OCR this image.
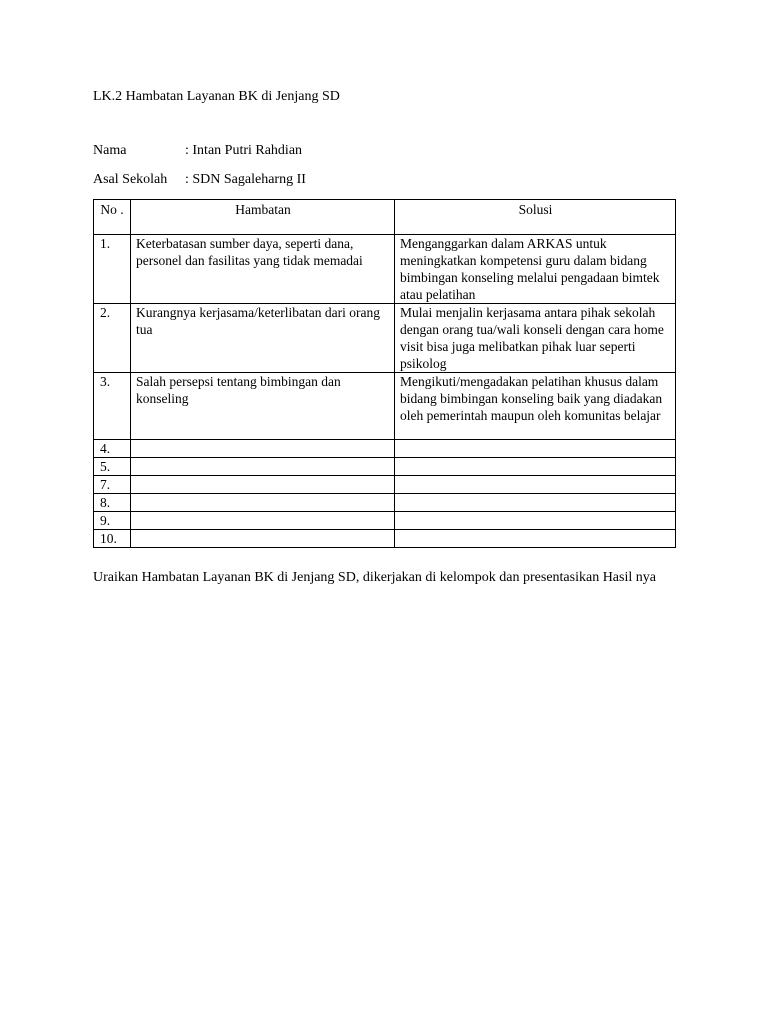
LK.2 Hambatan Layanan BK di Jenjang SD
Nama	: Intan Putri Rahdian
Asal Sekolah : SDN Sagaleharng II
No .	Hambatan	Solusi
1.	Keterbatasan sumber daya, seperti dana, personel dan fasilitas yang tidak memadai	Menganggarkan dalam ARKAS untuk meningkatkan kompetensi guru dalam bidang bimbingan konseling melalui pengadaan bimtek atau pelatihan
2.	Kurangnya kerjasama/keterlibatan dari orang tua	Mulai menjalin kerjasama antara pihak sekolah dengan orang tua/wali konseli dengan cara home visit bisa juga melibatkan pihak luar seperti psikolog
3.	Salah persepsi tentang bimbingan dan konseling	Mengikuti/mengadakan pelatihan khusus dalam bidang bimbingan konseling baik yang diadakan oleh pemerintah maupun oleh komunitas belajar
4.		
5.		
7.		
8.		
9.		
10.		
Uraikan Hambatan Layanan BK di Jenjang SD, dikerjakan di kelompok dan presentasikan Hasil nya
